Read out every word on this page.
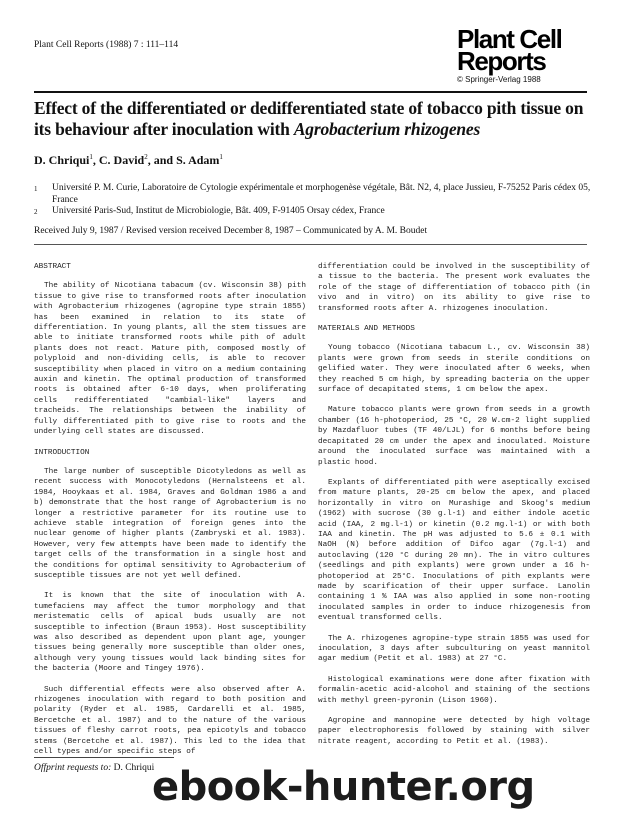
Plant Cell Reports (1988) 7 : 111–114	Plant Cell
Reports
© Springer-Verlag 1988
Effect of the differentiated or dedifferentiated state of tobacco pith tissue on its behaviour after inoculation with Agrobacterium rhizogenes
D. Chriqui$^1$, C. David$^2$, and S. Adam$^1$
1	Université P. M. Curie, Laboratoire de Cytologie expérimentale et morphogenèse végétale, Bât. N2, 4, place Jussieu, F-75252 Paris cédex 05, France
2	Université Paris-Sud, Institut de Microbiologie, Bât. 409, F-91405 Orsay cédex, France
Received July 9, 1987 / Revised version received December 8, 1987 – Communicated by A. M. Boudet

ABSTRACT

The ability of Nicotiana tabacum (cv. Wisconsin 38) pith tissue to give rise to transformed roots after inoculation with Agrobacterium rhizogenes (agropine type strain 1855) has been examined in relation to its state of differentiation. In young plants, all the stem tissues are able to initiate transformed roots while pith of adult plants does not react. Mature pith, composed mostly of polyploid and non-dividing cells, is able to recover susceptibility when placed in vitro on a medium containing auxin and kinetin. The optimal production of transformed roots is obtained after 6-10 days, when proliferating cells redifferentiated "cambial-like" layers and tracheids. The relationships between the inability of fully differentiated pith to give rise to roots and the underlying cell states are discussed.

INTRODUCTION

The large number of susceptible Dicotyledons as well as recent success with Monocotyledons (Hernalsteens et al. 1984, Hooykaas et al. 1984, Graves and Goldman 1986 a and b) demonstrate that the host range of Agrobacterium is no longer a restrictive parameter for its routine use to achieve stable integration of foreign genes into the nuclear genome of higher plants (Zambryski et al. 1983). However, very few attempts have been made to identify the target cells of the transformation in a single host and the conditions for optimal sensitivity to Agrobacterium of susceptible tissues are not yet well defined.

It is known that the site of inoculation with A. tumefaciens may affect the tumor morphology and that meristematic cells of apical buds usually are not susceptible to infection (Braun 1953). Host susceptibility was also described as dependent upon plant age, younger tissues being generally more susceptible than older ones, although very young tissues would lack binding sites for the bacteria (Moore and Tingey 1976).

Such differential effects were also observed after A. rhizogenes inoculation with regard to both position and polarity (Ryder et al. 1985, Cardarelli et al. 1985, Bercetche et al. 1987) and to the nature of the various tissues of fleshy carrot roots, pea epicotyls and tobacco stems (Bercetche et al. 1987). This led to the idea that cell types and/or specific steps of

differentiation could be involved in the susceptibility of a tissue to the bacteria. The present work evaluates the role of the stage of differentiation of tobacco pith (in vivo and in vitro) on its ability to give rise to transformed roots after A. rhizogenes inoculation.

MATERIALS AND METHODS

Young tobacco (Nicotiana tabacum L., cv. Wisconsin 38) plants were grown from seeds in sterile conditions on gelified water. They were inoculated after 6 weeks, when they reached 5 cm high, by spreading bacteria on the upper surface of decapitated stems, 1 cm below the apex.

Mature tobacco plants were grown from seeds in a growth chamber (16 h-photoperiod, 25 °C, 20 W.cm-2 light supplied by Mazdafluor tubes (TF 40/LJL) for 6 months before being decapitated 20 cm under the apex and inoculated. Moisture around the inoculated surface was maintained with a plastic hood.

Explants of differentiated pith were aseptically excised from mature plants, 20-25 cm below the apex, and placed horizontally in vitro on Murashige and Skoog's medium (1962) with sucrose (30 g.l-1) and either indole acetic acid (IAA, 2 mg.l-1) or kinetin (0.2 mg.l-1) or with both IAA and kinetin. The pH was adjusted to 5.6 ± 0.1 with NaOH (N) before addition of Difco agar (7g.l-1) and autoclaving (120 °C during 20 mn). The in vitro cultures (seedlings and pith explants) were grown under a 16 h-photoperiod at 25°C. Inoculations of pith explants were made by scarification of their upper surface. Lanolin containing 1 % IAA was also applied in some non-rooting inoculated samples in order to induce rhizogenesis from eventual transformed cells.

The A. rhizogenes agropine-type strain 1855 was used for inoculation, 3 days after subculturing on yeast mannitol agar medium (Petit et al. 1983) at 27 °C.

Histological examinations were done after fixation with formalin-acetic acid-alcohol and staining of the sections with methyl green-pyronin (Lison 1960).

Agropine and mannopine were detected by high voltage paper electrophoresis followed by staining with silver nitrate reagent, according to Petit et al. (1983).

Offprint requests to: D. Chriqui
ebook-hunter.org
